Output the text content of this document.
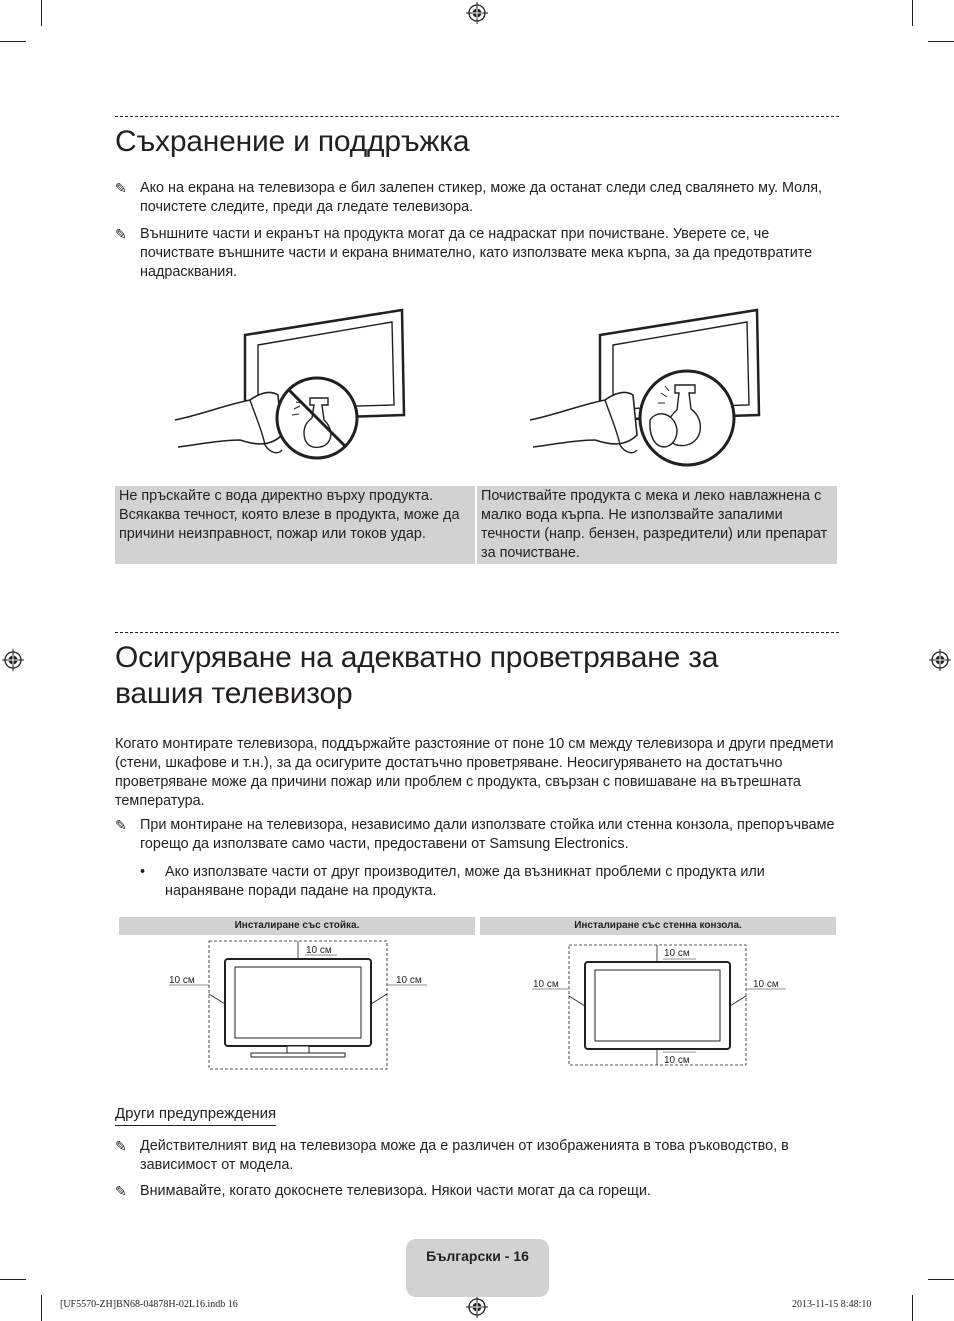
Съхранение и поддръжка
✎ Ако на екрана на телевизора е бил залепен стикер, може да останат следи след свалянето му. Моля, почистете следите, преди да гледате телевизора.
✎ Външните части и екранът на продукта могат да се надраскат при почистване. Уверете се, че почиствате външните части и екрана внимателно, като използвате мека кърпа, за да предотвратите надрасквания.
Не пръскайте с вода директно върху продукта. Всякаква течност, която влезе в продукта, може да причини неизправност, пожар или токов удар.
Почиствайте продукта с мека и леко навлажнена с малко вода кърпа. Не използвайте запалими течности (напр. бензен, разредители) или препарат за почистване.
Осигуряване на адекватно проветряване за
вашия телевизор
Когато монтирате телевизора, поддържайте разстояние от поне 10 см между телевизора и други предмети (стени, шкафове и т.н.), за да осигурите достатъчно проветряване. Неосигуряването на достатъчно проветряване може да причини пожар или проблем с продукта, свързан с повишаване на вътрешната температура.
✎ При монтиране на телевизора, независимо дали използвате стойка или стенна конзола, препоръчваме горещо да използвате само части, предоставени от Samsung Electronics.
• Ако използвате части от друг производител, може да възникнат проблеми с продукта или нараняване поради падане на продукта.
Инсталиране със стойка.	Инсталиране със стенна конзола.
10 см
10 см	10 см
10 см
10 см
10 см	10 см
Други предупреждения
✎ Действителният вид на телевизора може да е различен от изображенията в това ръководство, в зависимост от модела.
✎ Внимавайте, когато докоснете телевизора. Някои части могат да са горещи.
Български - 16
[UF5570-ZH]BN68-04878H-02L16.indb 16	2013-11-15 8:48:10
